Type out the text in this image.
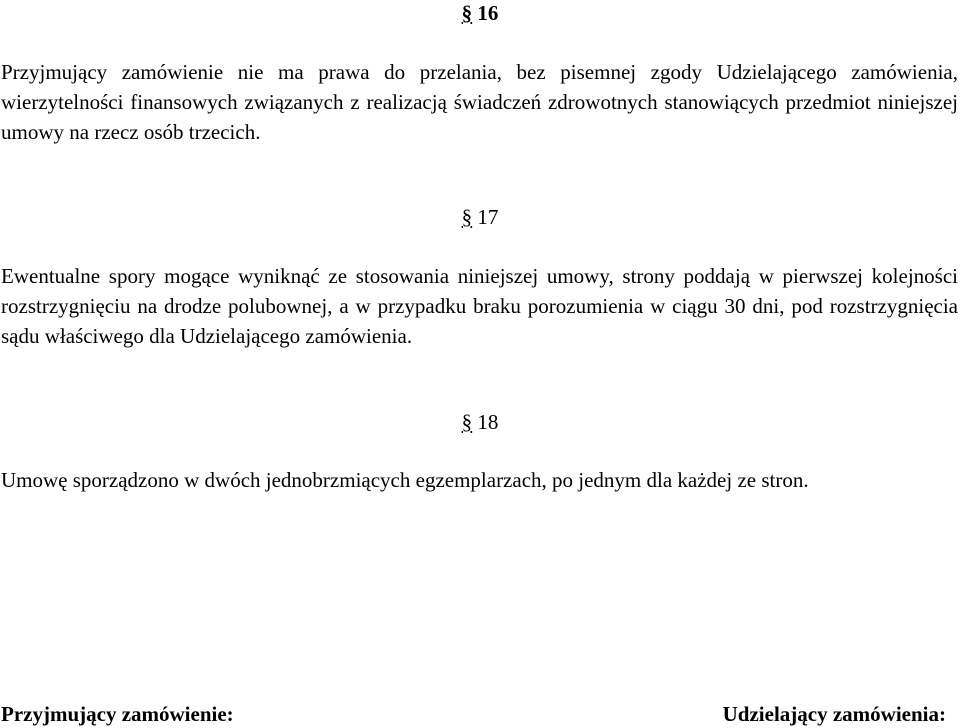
§ 16

Przyjmujący zamówienie nie ma prawa do przelania, bez pisemnej zgody Udzielającego zamówienia, wierzytelności finansowych związanych z realizacją świadczeń zdrowotnych stanowiących przedmiot niniejszej umowy na rzecz osób trzecich.

§ 17

Ewentualne spory mogące wyniknąć ze stosowania niniejszej umowy, strony poddają w pierwszej kolejności rozstrzygnięciu na drodze polubownej, a w przypadku braku porozumienia w ciągu 30 dni, pod rozstrzygnięcia sądu właściwego dla Udzielającego zamówienia.

§ 18

Umowę sporządzono w dwóch jednobrzmiących egzemplarzach, po jednym dla każdej ze stron.

Przyjmujący zamówienie:	Udzielający zamówienia:
